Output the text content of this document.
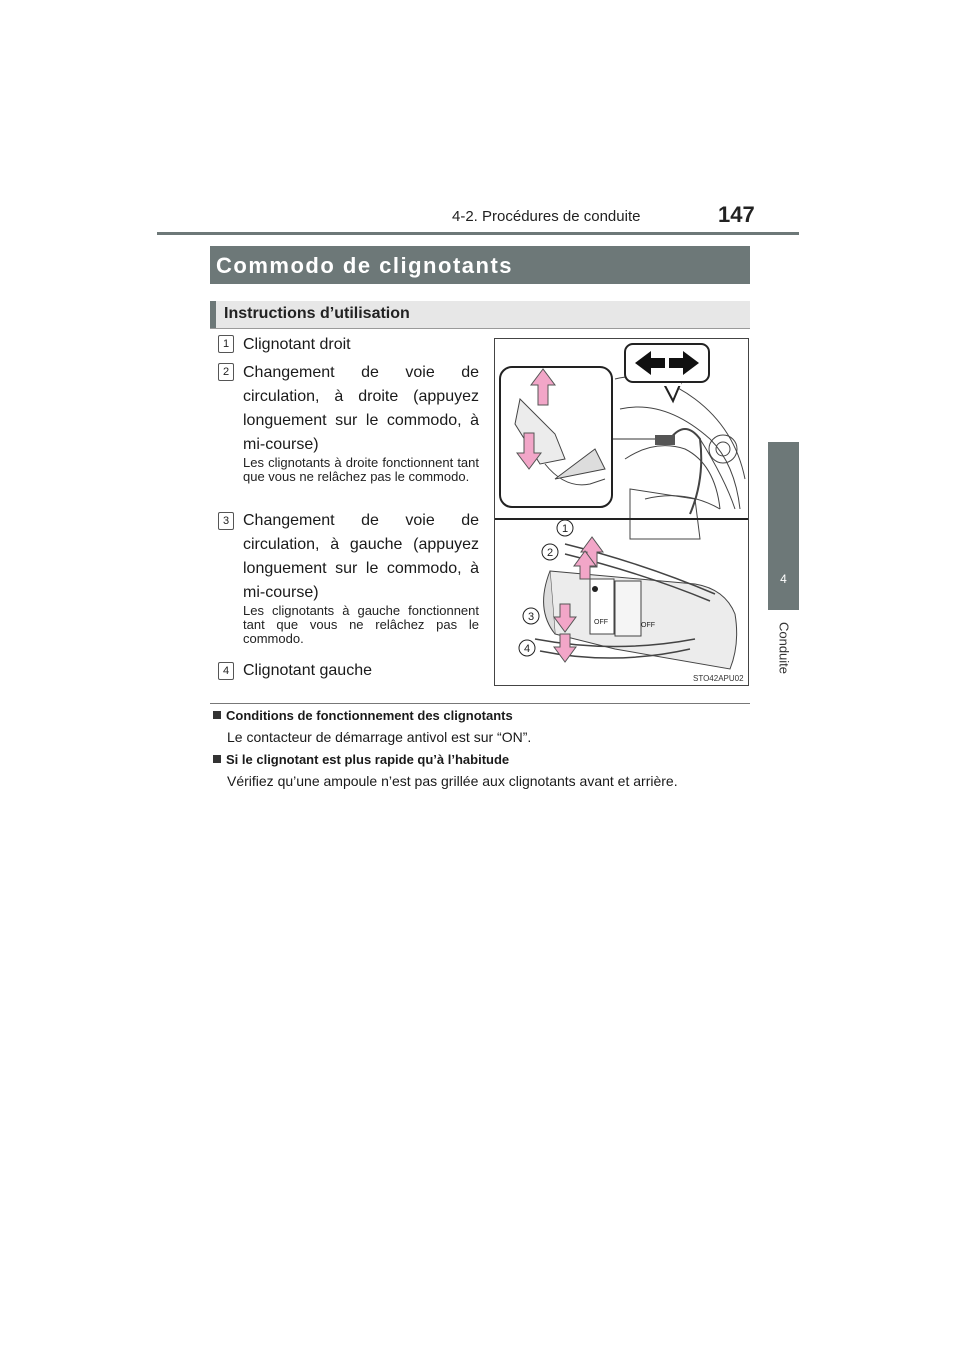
4-2. Procédures de conduite	147
4
Conduite
Commodo de clignotants
Instructions d’utilisation
1 Clignotant droit
2 Changement de voie de circulation, à droite (appuyez longuement sur le commodo, à mi-course)
Les clignotants à droite fonctionnent tant que vous ne relâchez pas le commodo.
3 Changement de voie de circulation, à gauche (appuyez longuement sur le commodo, à mi-course)
Les clignotants à gauche fonctionnent tant que vous ne relâchez pas le commodo.
4 Clignotant gauche
OFF	OFF
1
2
3
4
STO42APU02
Conditions de fonctionnement des clignotants
Le contacteur de démarrage antivol est sur “ON”.
Si le clignotant est plus rapide qu’à l’habitude
Vérifiez qu’une ampoule n’est pas grillée aux clignotants avant et arrière.
